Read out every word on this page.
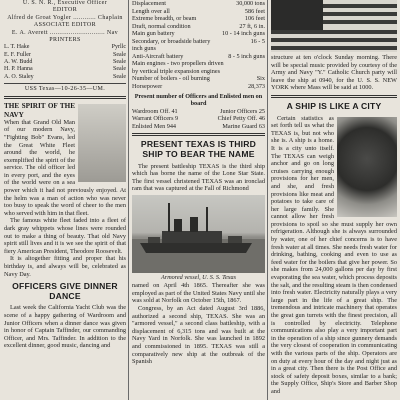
U. S. N. R., Executive Officer
EDITOR
Alfred de Groat Yogler ............ Chaplain
ASSOCIATE EDITOR
E. A. Averett ............................. Nav
PRINTERS
L. T. Hake	Pyrllc
E. F. Fuller	Seale
A. W. Budd	Seale
H. P. Hanna	Seale
A. O. Staley	Seale
USS Texas—10-26-35—UM.

THE SPIRIT OF THE NAVY

When that Grand Old Man of our modern Navy, "Fighting Bob" Evans, led the Great White Fleet around the world, he exemplified the spirit of the service. The old officer led in every port, and the eyes of the world were on a sea power which it had not previously enjoyed. At the helm was a man of action who was never too busy to speak the word of cheer to the men who served with him in that fleet.

The famous white fleet faded into a fleet of dark gray whippets whose lines were rounded out to make a thing of beauty. That old Navy spirit still lives and it is we see the spirit of that fiery American President, Theodore Roosevelt.

It is altogether fitting and proper that his birthday is, and always will be, celebrated as Navy Day.

OFFICERS GIVE DINNER DANCE

Last week the California Yacht Club was the scene of a happy gathering of Wardroom and Junior Officers when a dinner dance was given in honor of Captain Taffinder, our commanding Officer, and Mrs. Taffinder. In addition to the excellent dinner, good music, dancing and

Displacement	30,000 tons
Length over all	586 feet
Extreme breadth, or beam	106 feet
Draft, normal condition	27 ft, 6 in.
Main gun battery	10 - 14 inch guns
Secondary, or broadside battery	16 - 5
inch guns
Anti-Aircraft battery	8 - 5 inch guns
Main engines - two propellers driven
by vertical triple expansion engines
Number of boilers - oil burning	Six
Horsepower	28,373
Present number of Officers and Enlisted men on board
Wardroom Off. 41	Junior Officers 25
Warrant Officers 9	Chief Petty Off. 46
Enlisted Men 944	Marine Guard 63
PRESENT TEXAS IS THIRD SHIP TO BEAR THE NAME

The present battleship TEXAS is the third ship which has borne the name of the Lone Star State. The first vessel christened TEXAS was an ironclad ram that was captured at the Fall of Richmond

Armored vessel, U. S. S. Texas

named on April 4th 1865. Thereafter she was employed as part of the United States Navy until she was sold at Norfolk on October 15th, 1867.

Congress, by an Act dated August 3rd 1886, authorized a second ship, TEXAS. She was an "armored vessel," a second class battleship, with a displacement of 6,315 tons and was built at the Navy Yard in Norfolk. She was launched in 1892 and commissioned in 1895. TEXAS was still a comparatively new ship at the outbreak of the Spanish

structure at ten o'clock Sunday morning. There will be special music provided by courtesy of the Army and Navy "Y." Catholic Church party will leave the ship at 0940, for the U. S. S. NEW YORK where Mass will be said at 1000.

A SHIP IS LIKE A CITY

Certain statistics as set forth tell us what the TEXAS is, but not who she is. A ship is a home. It is a city unto itself. The TEXAS can weigh anchor and go on long cruises carrying enough provisions for her men, and she, and fresh provisions like meat and potatoes to take care of her large family. She cannot allow her fresh provisions to spoil so she must supply her own refrigeration. Although she is always surrounded by water, one of her chief concerns is to have fresh water at all times. She needs fresh water for drinking, bathing, cooking and even to use as feed water for the boilers that give her power. So she makes from 24,000 gallons per day by first evaporating the sea water, which process deposits the salt, and the resulting steam is then condensed into fresh water. Electricity naturally plays a very large part in the life of a great ship. The tremendous and intricate machinery that operates the great gun turrets with the finest precision, all is controlled by electricity. Telephone communications also play a very important part in the operation of a ship since gunnery demands the very closest of cooperation in communicating with the various parts of the ship. Operators are on duty at every hour of the day and night just as in a great city. Then there is the Post Office and stock of safety deposit boxes, similar to a bank; the Supply Office, Ship's Store and Barber Shop and
